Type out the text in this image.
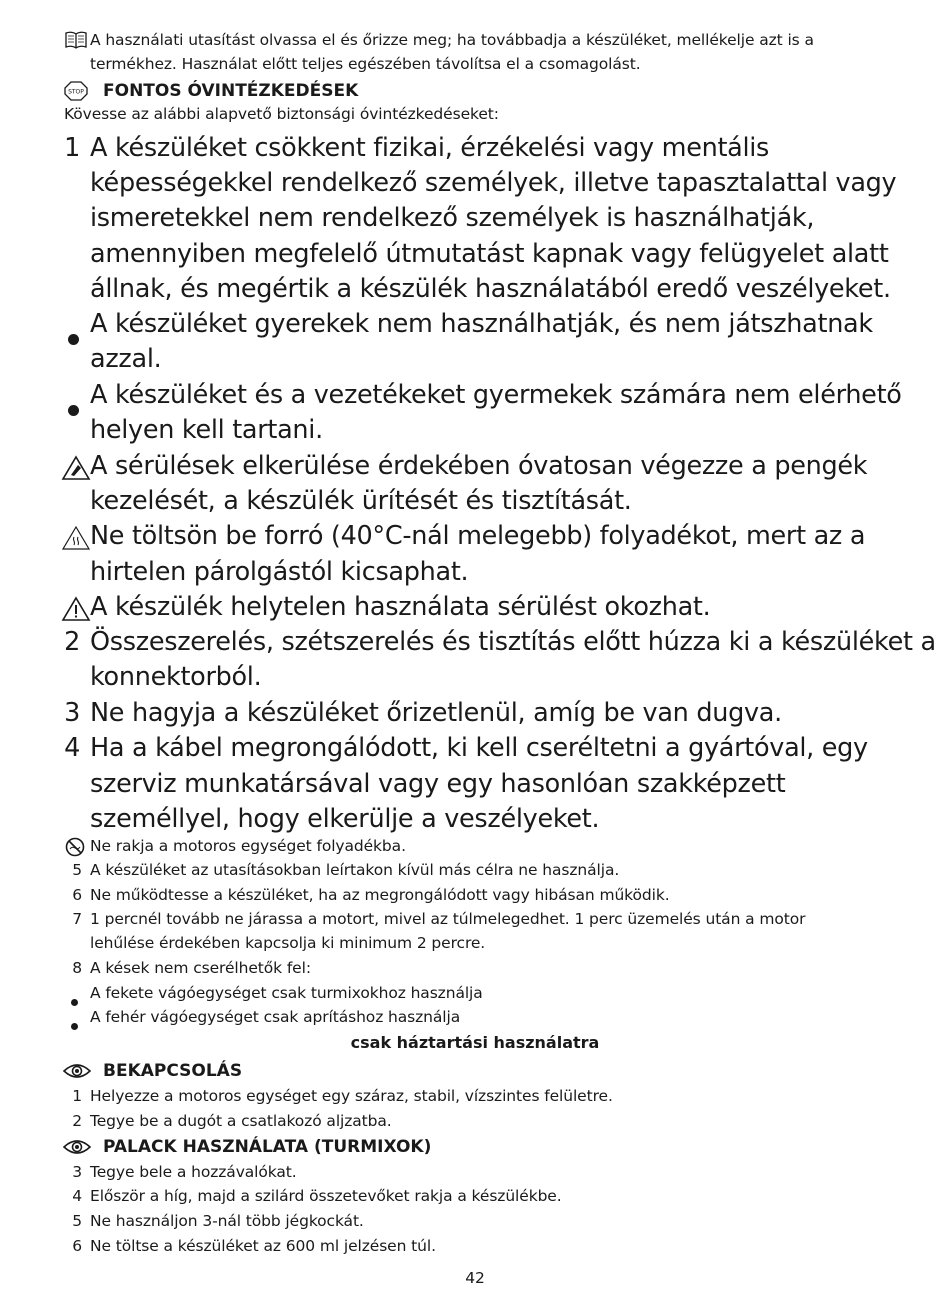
A használati utasítást olvassa el és őrizze meg; ha továbbadja a készüléket, mellékelje azt is a
termékhez. Használat előtt teljes egészében távolítsa el a csomagolást.
STOP FONTOS ÓVINTÉZKEDÉSEK
Kövesse az alábbi alapvető biztonsági óvintézkedéseket:
1 A készüléket csökkent fizikai, érzékelési vagy mentális
képességekkel rendelkező személyek, illetve tapasztalattal vagy
ismeretekkel nem rendelkező személyek is használhatják,
amennyiben megfelelő útmutatást kapnak vagy felügyelet alatt
állnak, és megértik a készülék használatából eredő veszélyeket.
A készüléket gyerekek nem használhatják, és nem játszhatnak
azzal.
A készüléket és a vezetékeket gyermekek számára nem elérhető
helyen kell tartani.
A sérülések elkerülése érdekében óvatosan végezze a pengék
kezelését, a készülék ürítését és tisztítását.
Ne töltsön be forró (40°C-nál melegebb) folyadékot, mert az a
hirtelen párolgástól kicsaphat.
A készülék helytelen használata sérülést okozhat.
2 Összeszerelés, szétszerelés és tisztítás előtt húzza ki a készüléket a
konnektorból.
3 Ne hagyja a készüléket őrizetlenül, amíg be van dugva.
4 Ha a kábel megrongálódott, ki kell cseréltetni a gyártóval, egy
szerviz munkatársával vagy egy hasonlóan szakképzett
személlyel, hogy elkerülje a veszélyeket.
Ne rakja a motoros egységet folyadékba.
5 A készüléket az utasításokban leírtakon kívül más célra ne használja.
6 Ne működtesse a készüléket, ha az megrongálódott vagy hibásan működik.
7 1 percnél tovább ne járassa a motort, mivel az túlmelegedhet. 1 perc üzemelés után a motor
lehűlése érdekében kapcsolja ki minimum 2 percre.
8 A kések nem cserélhetők fel:
A fekete vágóegységet csak turmixokhoz használja
A fehér vágóegységet csak aprításhoz használja
csak háztartási használatra
BEKAPCSOLÁS
1 Helyezze a motoros egységet egy száraz, stabil, vízszintes felületre.
2 Tegye be a dugót a csatlakozó aljzatba.
PALACK HASZNÁLATA (TURMIXOK)
3 Tegye bele a hozzávalókat.
4 Először a híg, majd a szilárd összetevőket rakja a készülékbe.
5 Ne használjon 3-nál több jégkockát.
6 Ne töltse a készüléket az 600 ml jelzésen túl.
42
